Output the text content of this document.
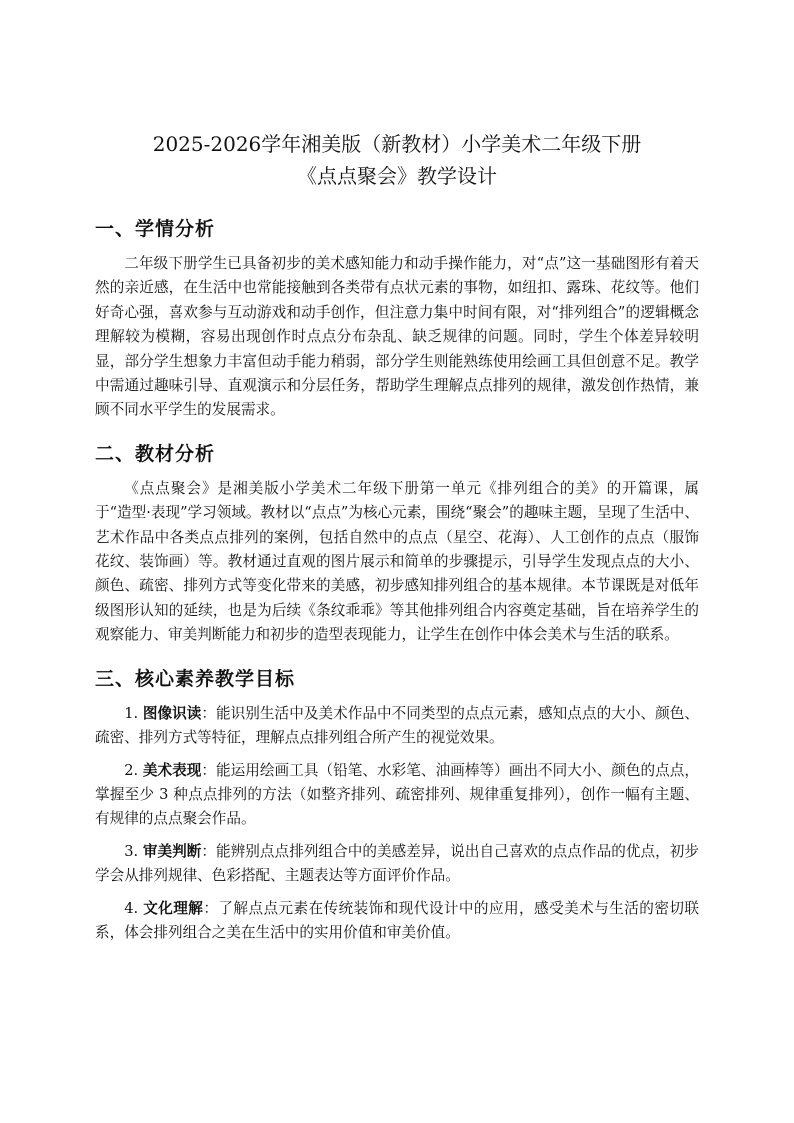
2025-2026学年湘美版（新教材）小学美术二年级下册
《点点聚会》教学设计
一、学情分析

二年级下册学生已具备初步的美术感知能力和动手操作能力，对“点”这一基础图形有着天然的亲近感，在生活中也常能接触到各类带有点状元素的事物，如纽扣、露珠、花纹等。他们好奇心强，喜欢参与互动游戏和动手创作，但注意力集中时间有限，对“排列组合”的逻辑概念理解较为模糊，容易出现创作时点点分布杂乱、缺乏规律的问题。同时，学生个体差异较明显，部分学生想象力丰富但动手能力稍弱，部分学生则能熟练使用绘画工具但创意不足。教学中需通过趣味引导、直观演示和分层任务，帮助学生理解点点排列的规律，激发创作热情，兼顾不同水平学生的发展需求。

二、教材分析

《点点聚会》是湘美版小学美术二年级下册第一单元《排列组合的美》的开篇课，属于“造型·表现”学习领域。教材以“点点”为核心元素，围绕“聚会”的趣味主题，呈现了生活中、艺术作品中各类点点排列的案例，包括自然中的点点（星空、花海）、人工创作的点点（服饰花纹、装饰画）等。教材通过直观的图片展示和简单的步骤提示，引导学生发现点点的大小、颜色、疏密、排列方式等变化带来的美感，初步感知排列组合的基本规律。本节课既是对低年级图形认知的延续，也是为后续《条纹乖乖》等其他排列组合内容奠定基础，旨在培养学生的观察能力、审美判断能力和初步的造型表现能力，让学生在创作中体会美术与生活的联系。

三、核心素养教学目标

1. 图像识读：能识别生活中及美术作品中不同类型的点点元素，感知点点的大小、颜色、疏密、排列方式等特征，理解点点排列组合所产生的视觉效果。

2. 美术表现：能运用绘画工具（铅笔、水彩笔、油画棒等）画出不同大小、颜色的点点，掌握至少 3 种点点排列的方法（如整齐排列、疏密排列、规律重复排列），创作一幅有主题、有规律的点点聚会作品。

3. 审美判断：能辨别点点排列组合中的美感差异，说出自己喜欢的点点作品的优点，初步学会从排列规律、色彩搭配、主题表达等方面评价作品。

4. 文化理解：了解点点元素在传统装饰和现代设计中的应用，感受美术与生活的密切联系，体会排列组合之美在生活中的实用价值和审美价值。
